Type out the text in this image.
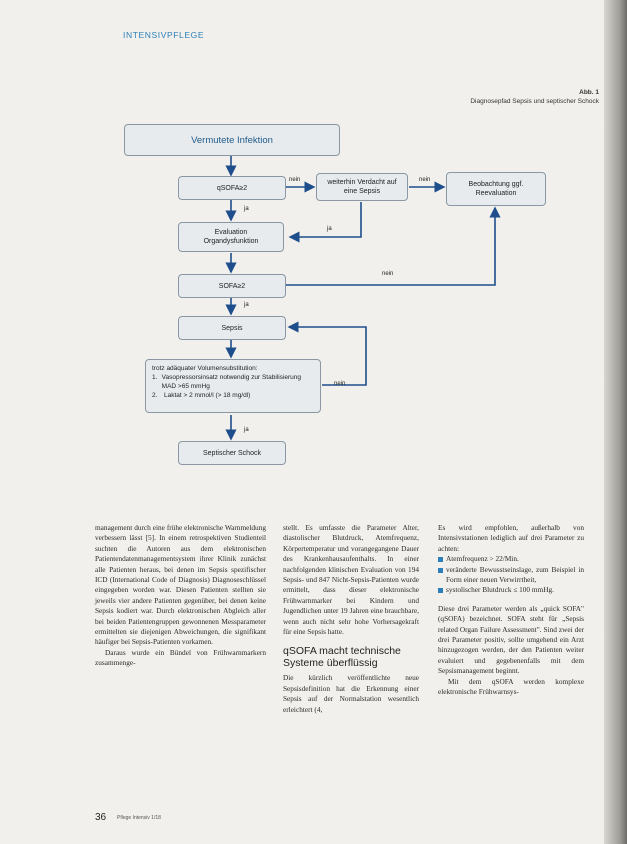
INTENSIVPFLEGE
Abb. 1
Diagnosepfad Sepsis und septischer Schock
Vermutete Infektion
qSOFA≥2
weiterhin Verdacht auf eine Sepsis
Beobachtung ggf. Reevaluation
Evaluation Organdysfunktion
SOFA≥2
Sepsis
trotz adäquater Volumensubstitution:
1. Vasopressorsinsatz notwendig zur Stabilisierung MAD >65 mmHg
2.	Laktat > 2 mmol/l (> 18 mg/dl)
Septischer Schock
nein	nein
nein
nein
ja
ja
ja
ja

management durch eine frühe elektronische Warnmeldung verbessern lässt [5]. In einem retrospektiven Studienteil suchten die Autoren aus dem elektronischen Patientendatenmanagementsystem ihrer Klinik zunächst alle Patienten heraus, bei denen im Sepsis spezifischer ICD (International Code of Diagnosis) Diagnoseschlüssel eingegeben worden war. Diesen Patienten stellten sie jeweils vier andere Patienten gegenüber, bei denen keine Sepsis kodiert war. Durch elektronischen Abgleich aller bei beiden Patientengruppen gewonnenen Messparameter ermittelten sie diejenigen Abweichungen, die signifikant häufiger bei Sepsis-Patienten vorkamen.

Daraus wurde ein Bündel von Frühwarnmarkern zusammenge-

stellt. Es umfasste die Parameter Alter, diastolischer Blutdruck, Atemfrequenz, Körpertemperatur und vorangegangene Dauer des Krankenhausaufenthalts. In einer nachfolgenden klinischen Evaluation von 194 Sepsis- und 847 Nicht-Sepsis-Patienten wurde ermittelt, dass dieser elektronische Frühwarnmarker bei Kindern und Jugendlichen unter 19 Jahren eine brauchbare, wenn auch nicht sehr hohe Vorhersagekraft für eine Sepsis hatte.

qSOFA macht technische Systeme überflüssig

Die kürzlich veröffentlichte neue Sepsisdefinition hat die Erkennung einer Sepsis auf der Normalstation wesentlich erleichtert (4,

Es wird empfohlen, außerhalb von Intensivstationen lediglich auf drei Parameter zu achten:

Atemfrequenz > 22/Min.
veränderte Bewusstseinslage, zum Beispiel in Form einer neuen Verwirrtheit,
systolischer Blutdruck ≤ 100 mmHg.

Diese drei Parameter werden als „quick SOFA" (qSOFA) bezeichnet. SOFA steht für „Sepsis related Organ Failure Assessment". Sind zwei der drei Parameter positiv, sollte umgehend ein Arzt hinzugezogen werden, der den Patienten weiter evaluiert und gegebenenfalls mit dem Sepsismanagement beginnt.

Mit dem qSOFA werden komplexe elektronische Frühwarnsys-

36 Pflege Intensiv 1/18
